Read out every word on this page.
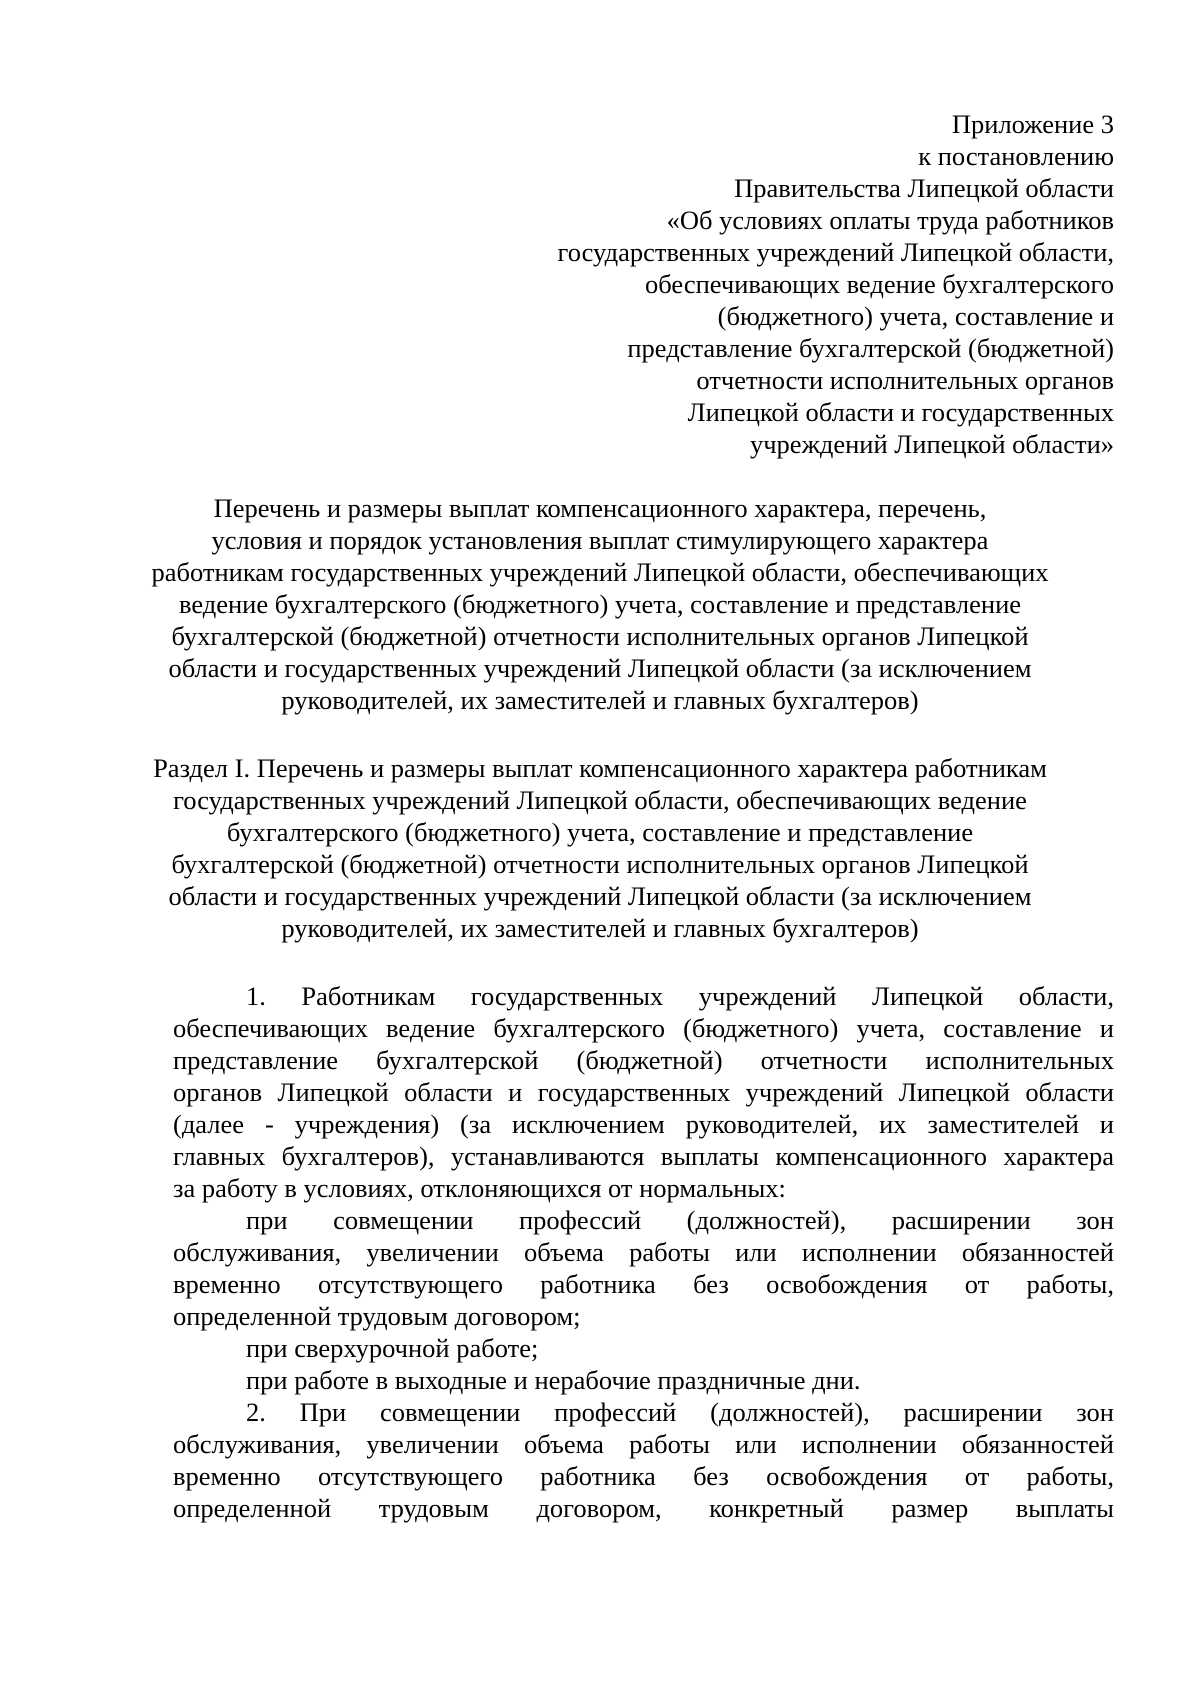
Приложение 3
к постановлению
Правительства Липецкой области
«Об условиях оплаты труда работников
государственных учреждений Липецкой области,
обеспечивающих ведение бухгалтерского
(бюджетного) учета, составление и
представление бухгалтерской (бюджетной)
отчетности исполнительных органов
Липецкой области и государственных
учреждений Липецкой области»
Перечень и размеры выплат компенсационного характера, перечень,
условия и порядок установления выплат стимулирующего характера
работникам государственных учреждений Липецкой области, обеспечивающих
ведение бухгалтерского (бюджетного) учета, составление и представление
бухгалтерской (бюджетной) отчетности исполнительных органов Липецкой
области и государственных учреждений Липецкой области (за исключением
руководителей, их заместителей и главных бухгалтеров)
Раздел I. Перечень и размеры выплат компенсационного характера работникам
государственных учреждений Липецкой области, обеспечивающих ведение
бухгалтерского (бюджетного) учета, составление и представление
бухгалтерской (бюджетной) отчетности исполнительных органов Липецкой
области и государственных учреждений Липецкой области (за исключением
руководителей, их заместителей и главных бухгалтеров)
1. Работникам государственных учреждений Липецкой области,
обеспечивающих ведение бухгалтерского (бюджетного) учета, составление и
представление бухгалтерской (бюджетной) отчетности исполнительных
органов Липецкой области и государственных учреждений Липецкой области
(далее - учреждения) (за исключением руководителей, их заместителей и
главных бухгалтеров), устанавливаются выплаты компенсационного характера
за работу в условиях, отклоняющихся от нормальных:
при совмещении профессий (должностей), расширении зон
обслуживания, увеличении объема работы или исполнении обязанностей
временно отсутствующего работника без освобождения от работы,
определенной трудовым договором;
при сверхурочной работе;
при работе в выходные и нерабочие праздничные дни.
2. При совмещении профессий (должностей), расширении зон
обслуживания, увеличении объема работы или исполнении обязанностей
временно отсутствующего работника без освобождения от работы,
определенной трудовым договором, конкретный размер выплаты
